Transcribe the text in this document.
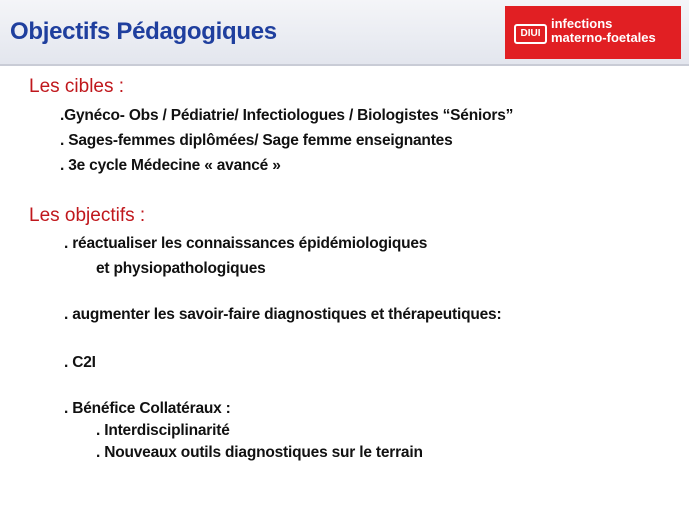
Objectifs Pédagogiques	DIUI
infections
materno-foetales
Les cibles :
.Gynéco- Obs / Pédiatrie/ Infectiologues / Biologistes “Séniors”
. Sages-femmes diplômées/ Sage femme enseignantes
. 3e cycle Médecine « avancé »
Les objectifs :
. réactualiser les connaissances épidémiologiques
et physiopathologiques
. augmenter les savoir-faire diagnostiques et thérapeutiques:
. C2I
. Bénéfice Collatéraux :
. Interdisciplinarité
. Nouveaux outils diagnostiques sur le terrain
